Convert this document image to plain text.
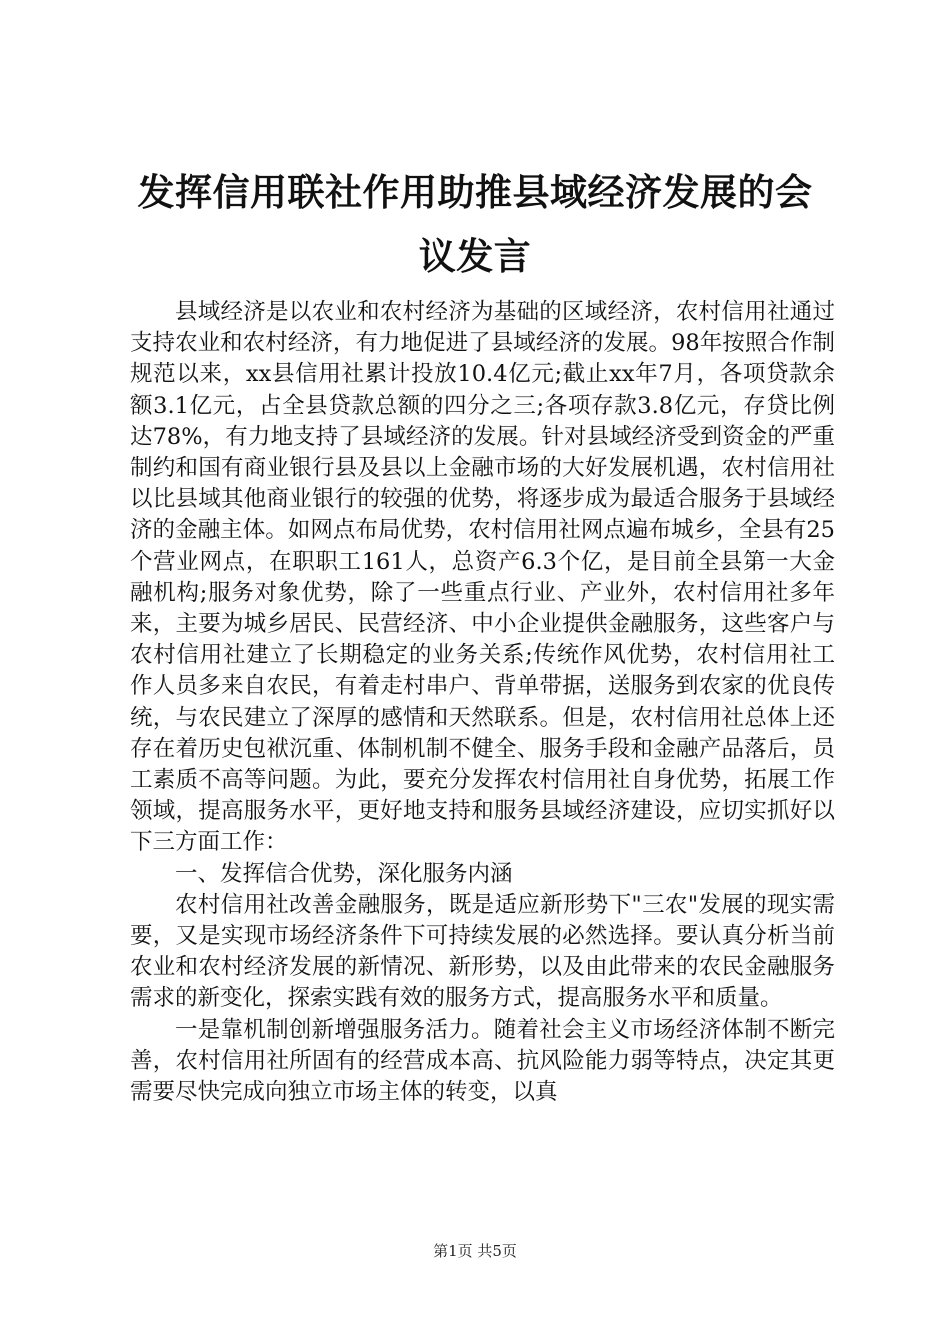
发挥信用联社作用助推县域经济发展的会议发言

县域经济是以农业和农村经济为基础的区域经济，农村信用社通过支持农业和农村经济，有力地促进了县域经济的发展。98年按照合作制规范以来，xx县信用社累计投放10.4亿元;截止xx年7月，各项贷款余额3.1亿元，占全县贷款总额的四分之三;各项存款3.8亿元，存贷比例达78%，有力地支持了县域经济的发展。针对县域经济受到资金的严重制约和国有商业银行县及县以上金融市场的大好发展机遇，农村信用社以比县域其他商业银行的较强的优势，将逐步成为最适合服务于县域经济的金融主体。如网点布局优势，农村信用社网点遍布城乡，全县有25个营业网点，在职职工161人，总资产6.3个亿，是目前全县第一大金融机构;服务对象优势，除了一些重点行业、产业外，农村信用社多年来，主要为城乡居民、民营经济、中小企业提供金融服务，这些客户与农村信用社建立了长期稳定的业务关系;传统作风优势，农村信用社工作人员多来自农民，有着走村串户、背单带据，送服务到农家的优良传统，与农民建立了深厚的感情和天然联系。但是，农村信用社总体上还存在着历史包袱沉重、体制机制不健全、服务手段和金融产品落后，员工素质不高等问题。为此，要充分发挥农村信用社自身优势，拓展工作领域，提高服务水平，更好地支持和服务县域经济建设，应切实抓好以下三方面工作：

一、发挥信合优势，深化服务内涵

农村信用社改善金融服务，既是适应新形势下"三农"发展的现实需要，又是实现市场经济条件下可持续发展的必然选择。要认真分析当前农业和农村经济发展的新情况、新形势，以及由此带来的农民金融服务需求的新变化，探索实践有效的服务方式，提高服务水平和质量。

一是靠机制创新增强服务活力。随着社会主义市场经济体制不断完善，农村信用社所固有的经营成本高、抗风险能力弱等特点，决定其更需要尽快完成向独立市场主体的转变，以真

第1页 共5页
